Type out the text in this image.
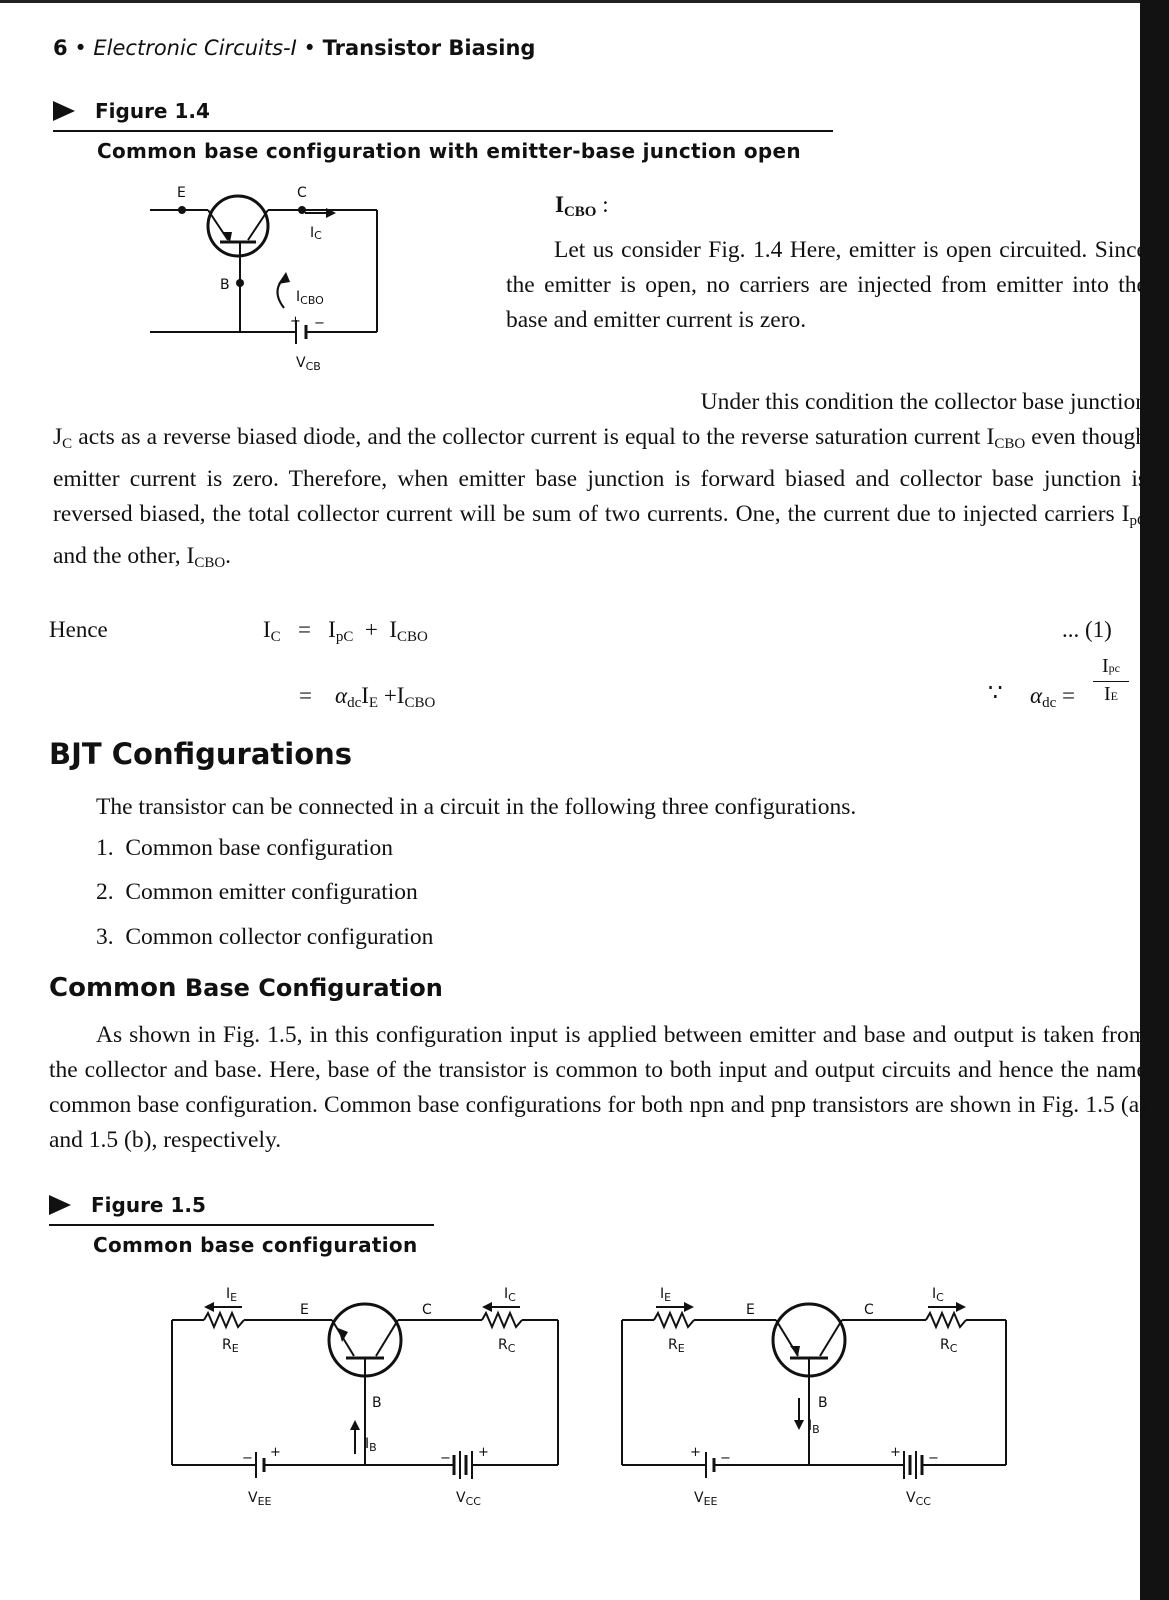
6 • Electronic Circuits-I • Transistor Biasing
Figure 1.4
Common base configuration with emitter-base junction open
E	C
B
IC
$I_{CBO}$
+ −
$V_{CB}$
$I_{CBO}$ :

Let us consider Fig. 1.4 Here, emitter is open circuited. Since the emitter is open, no carriers are injected from emitter into the base and emitter current is zero.

Under this condition the collector base junction

$J_C$ acts as a reverse biased diode, and the collector current is equal to the reverse saturation current $I_{CBO}$ even though emitter current is zero. Therefore, when emitter base junction is forward biased and collector base junction is reversed biased, the total collector current will be sum of two currents. One, the current due to injected carriers $I_{pC}$ and the other, $I_{CBO}$.

Hence	$I_C = I_{pC} + I_{CBO}$	... (1)
= $\alpha_{dc}I_E +I_{CBO}$	∵ $\alpha_{dc}$ =
Ipc
IE
BJT Configurations

The transistor can be connected in a circuit in the following three configurations.

1. Common base configuration
2. Common emitter configuration
3. Common collector configuration
Common Base Configuration

As shown in Fig. 1.5, in this configuration input is applied between emitter and base and output is taken from the collector and base. Here, base of the transistor is common to both input and output circuits and hence the name common base configuration. Common base configurations for both npn and pnp transistors are shown in Fig. 1.5 (a) and 1.5 (b), respectively.

Figure 1.5
Common base configuration
$I_E$
$R_E$
E	C
$I_C$
$R_C$
B
$I_B$
− +
$V_{EE}$
− +
$V_{CC}$
$I_E$
$R_E$
E	C
$I_C$
$R_C$
B
$I_B$
+ −
$V_{EE}$
+ −
$V_{CC}$
